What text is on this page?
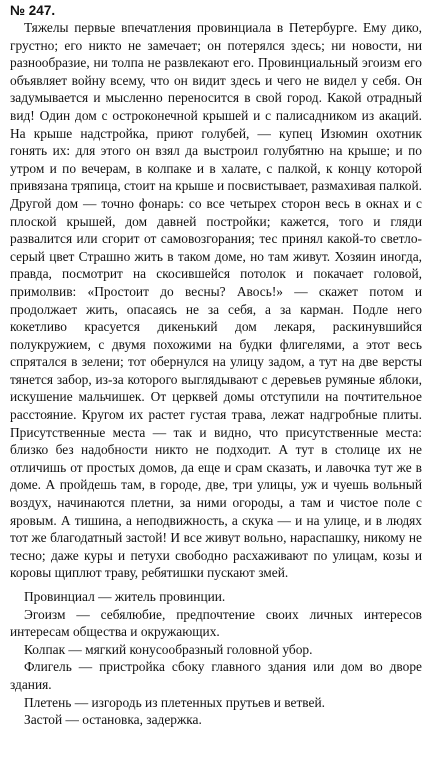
№ 247.

Тяжелы первые впечатления провинциала в Петербурге. Ему дико, грустно; его никто не замечает; он потерялся здесь; ни новости, ни разнообразие, ни толпа не развлекают его. Провинциальный эгоизм его объявляет войну всему, что он видит здесь и чего не видел у себя. Он задумывается и мысленно переносится в свой город. Какой отрадный вид! Один дом с остроконечной крышей и с палисадником из акаций. На крыше надстройка, приют голубей, — купец Изюмин охотник гонять их: для этого он взял да выстроил голубятню на крыше; и по утром и по вечерам, в колпаке и в халате, с палкой, к концу которой привязана тряпица, стоит на крыше и посвистывает, размахивая палкой. Другой дом — точно фонарь: со все четырех сторон весь в окнах и с плоской крышей, дом давней постройки; кажется, того и гляди развалится или сгорит от самовозгорания; тес принял какой-то светло-серый цвет Страшно жить в таком доме, но там живут. Хозяин иногда, правда, посмотрит на скосившейся потолок и покачает головой, примолвив: «Простоит до весны? Авось!» — скажет потом и продолжает жить, опасаясь не за себя, а за карман. Подле него кокетливо красуется дикенький дом лекаря, раскинувшийся полукружием, с двумя похожими на будки флигелями, а этот весь спрятался в зелени; тот обернулся на улицу задом, а тут на две версты тянется забор, из-за которого выглядывают с деревьев румяные яблоки, искушение мальчишек. От церквей домы отступили на почтительное расстояние. Кругом их растет густая трава, лежат надгробные плиты. Присутственные места — так и видно, что присутственные места: близко без надобности никто не подходит. А тут в столице их не отличишь от простых домов, да еще и срам сказать, и лавочка тут же в доме. А пройдешь там, в городе, две, три улицы, уж и чуешь вольный воздух, начинаются плетни, за ними огороды, а там и чистое поле с яровым. А тишина, а неподвижность, а скука — и на улице, и в людях тот же благодатный застой! И все живут вольно, нараспашку, никому не тесно; даже куры и петухи свободно расхаживают по улицам, козы и коровы щиплют траву, ребятишки пускают змей.

Провинциал — житель провинции.

Эгоизм — себялюбие, предпочтение своих личных интересов интересам общества и окружающих.

Колпак — мягкий конусообразный головной убор.

Флигель — пристройка сбоку главного здания или дом во дворе здания.

Плетень — изгородь из плетенных прутьев и ветвей.

Застой — остановка, задержка.
